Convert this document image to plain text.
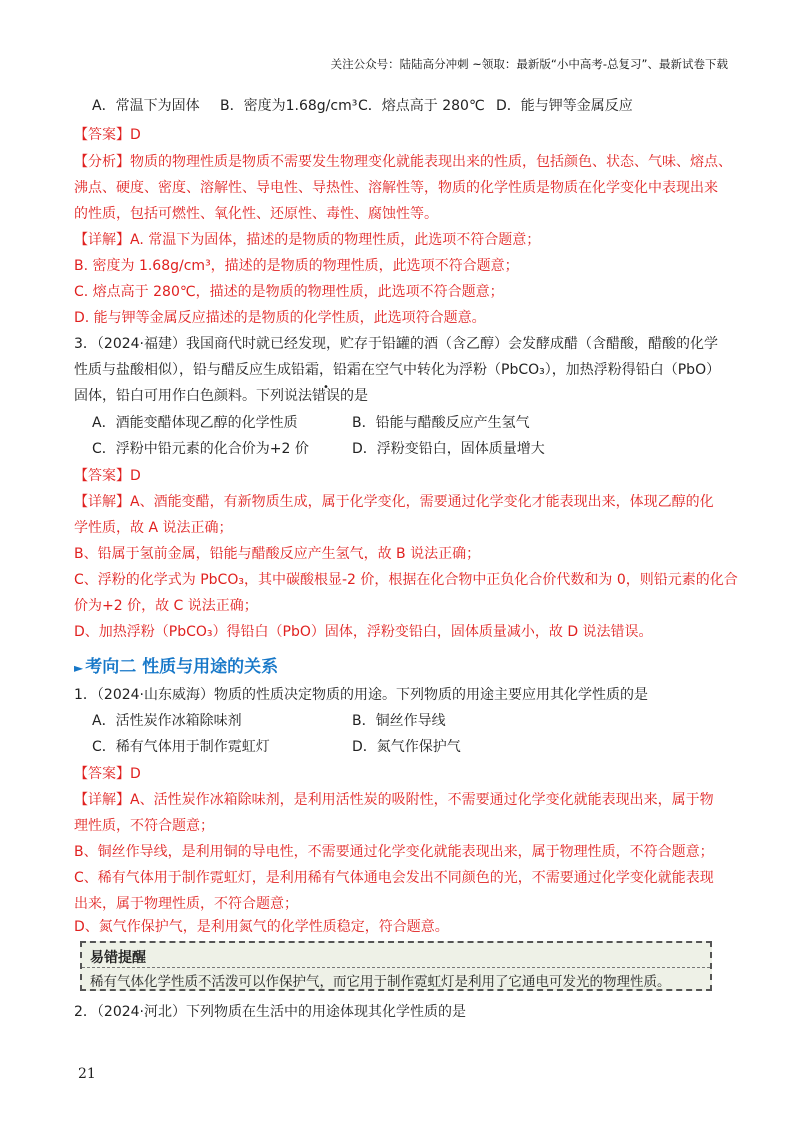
关注公众号：陆陆高分冲刺 ~领取：最新版“小中高考-总复习”、最新试卷下载
A．常温下为固体 B．密度为1.68g/cm³ C．熔点高于 280℃ D．能与钾等金属反应
【答案】D
【分析】物质的物理性质是物质不需要发生物理变化就能表现出来的性质，包括颜色、状态、气味、熔点、
沸点、硬度、密度、溶解性、导电性、导热性、溶解性等，物质的化学性质是物质在化学变化中表现出来
的性质，包括可燃性、氧化性、还原性、毒性、腐蚀性等。
【详解】A. 常温下为固体，描述的是物质的物理性质，此选项不符合题意；
B. 密度为 1.68g/cm³，描述的是物质的物理性质，此选项不符合题意；
C. 熔点高于 280℃，描述的是物质的物理性质，此选项不符合题意；
D. 能与钾等金属反应描述的是物质的化学性质，此选项符合题意。
3．（2024·福建）我国商代时就已经发现，贮存于铅罐的酒（含乙醇）会发酵成醋（含醋酸，醋酸的化学
性质与盐酸相似），铅与醋反应生成铅霜，铅霜在空气中转化为浮粉（PbCO₃），加热浮粉得铅白（PbO）
固体，铅白可用作白色颜料。下列说法错误的是
A．酒能变醋体现乙醇的化学性质	B．铅能与醋酸反应产生氢气
C．浮粉中铅元素的化合价为+2 价	D．浮粉变铅白，固体质量增大
【答案】D
【详解】A、酒能变醋，有新物质生成，属于化学变化，需要通过化学变化才能表现出来，体现乙醇的化
学性质，故 A 说法正确；
B、铅属于氢前金属，铅能与醋酸反应产生氢气，故 B 说法正确；
C、浮粉的化学式为 PbCO₃，其中碳酸根显-2 价，根据在化合物中正负化合价代数和为 0，则铅元素的化合
价为+2 价，故 C 说法正确；
D、加热浮粉（PbCO₃）得铅白（PbO）固体，浮粉变铅白，固体质量减小，故 D 说法错误。
► 考向二 性质与用途的关系
1．（2024·山东威海）物质的性质决定物质的用途。下列物质的用途主要应用其化学性质的是
A．活性炭作冰箱除味剂	B．铜丝作导线
C．稀有气体用于制作霓虹灯	D．氮气作保护气
【答案】D
【详解】A、活性炭作冰箱除味剂，是利用活性炭的吸附性，不需要通过化学变化就能表现出来，属于物
理性质，不符合题意；
B、铜丝作导线，是利用铜的导电性，不需要通过化学变化就能表现出来，属于物理性质，不符合题意；
C、稀有气体用于制作霓虹灯，是利用稀有气体通电会发出不同颜色的光，不需要通过化学变化就能表现
出来，属于物理性质，不符合题意；
D、氮气作保护气，是利用氮气的化学性质稳定，符合题意。
易错提醒
稀有气体化学性质不活泼可以作保护气，而它用于制作霓虹灯是利用了它通电可发光的物理性质。
2．（2024·河北）下列物质在生活中的用途体现其化学性质的是
21
